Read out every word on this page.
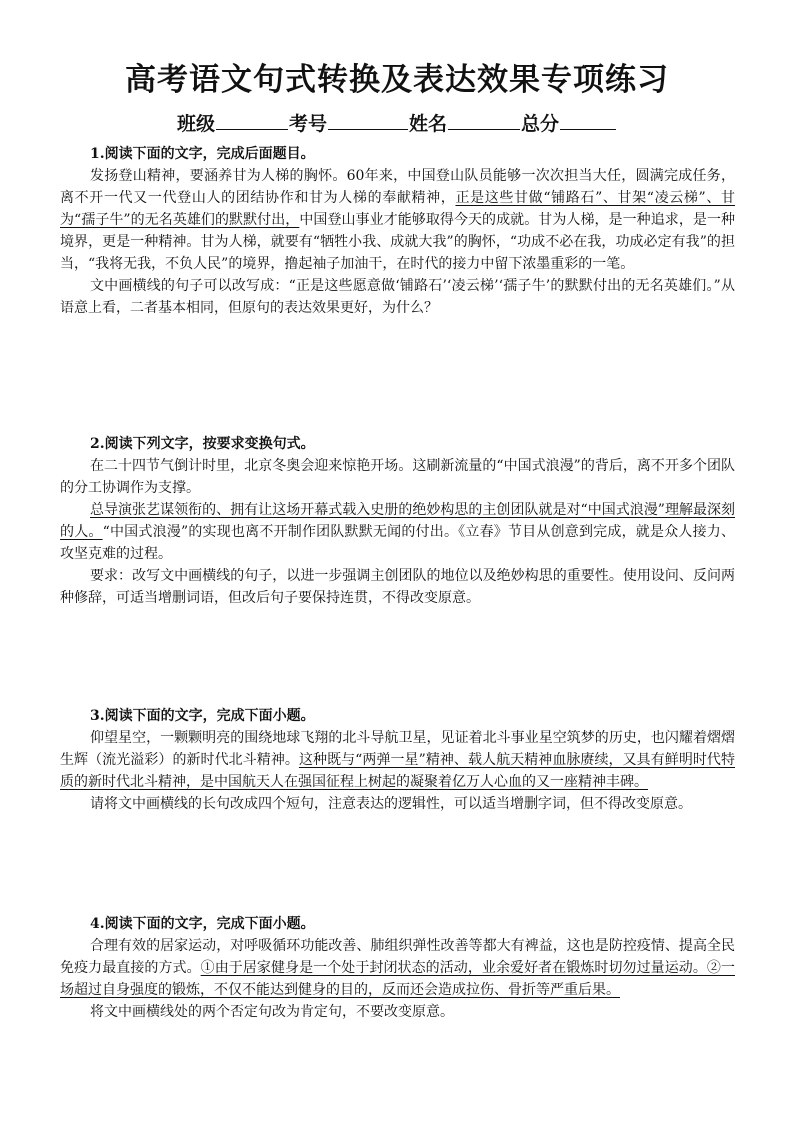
高考语文句式转换及表达效果专项练习
班级	考号	姓名	总分
1.阅读下面的文字，完成后面题目。

发扬登山精神，要涵养甘为人梯的胸怀。60年来，中国登山队员能够一次次担当大任，圆满完成任务，离不开一代又一代登山人的团结协作和甘为人梯的奉献精神，正是这些甘做“铺路石”、甘架“凌云梯”、甘为“孺子牛”的无名英雄们的默默付出，中国登山事业才能够取得今天的成就。甘为人梯，是一种追求，是一种境界，更是一种精神。甘为人梯，就要有“牺牲小我、成就大我”的胸怀，“功成不必在我，功成必定有我”的担当，“我将无我，不负人民”的境界，撸起袖子加油干，在时代的接力中留下浓墨重彩的一笔。

文中画横线的句子可以改写成：“正是这些愿意做‘铺路石’‘凌云梯’‘孺子牛’的默默付出的无名英雄们。”从语意上看，二者基本相同，但原句的表达效果更好，为什么？

2.阅读下列文字，按要求变换句式。

在二十四节气倒计时里，北京冬奥会迎来惊艳开场。这刷新流量的“中国式浪漫”的背后，离不开多个团队的分工协调作为支撑。

总导演张艺谋领衔的、拥有让这场开幕式载入史册的绝妙构思的主创团队就是对“中国式浪漫”理解最深刻的人。“中国式浪漫”的实现也离不开制作团队默默无闻的付出。《立春》节目从创意到完成，就是众人接力、攻坚克难的过程。

要求：改写文中画横线的句子，以进一步强调主创团队的地位以及绝妙构思的重要性。使用设问、反问两种修辞，可适当增删词语，但改后句子要保持连贯，不得改变原意。

3.阅读下面的文字，完成下面小题。

仰望星空，一颗颗明亮的围绕地球飞翔的北斗导航卫星，见证着北斗事业星空筑梦的历史，也闪耀着熠熠生辉（流光溢彩）的新时代北斗精神。这种既与“两弹一星”精神、载人航天精神血脉赓续，又具有鲜明时代特质的新时代北斗精神，是中国航天人在强国征程上树起的凝聚着亿万人心血的又一座精神丰碑。

请将文中画横线的长句改成四个短句，注意表达的逻辑性，可以适当增删字词，但不得改变原意。

4.阅读下面的文字，完成下面小题。

合理有效的居家运动，对呼吸循环功能改善、肺组织弹性改善等都大有裨益，这也是防控疫情、提高全民免疫力最直接的方式。①由于居家健身是一个处于封闭状态的活动，业余爱好者在锻炼时切勿过量运动。②一场超过自身强度的锻炼，不仅不能达到健身的目的，反而还会造成拉伤、骨折等严重后果。

将文中画横线处的两个否定句改为肯定句，不要改变原意。
